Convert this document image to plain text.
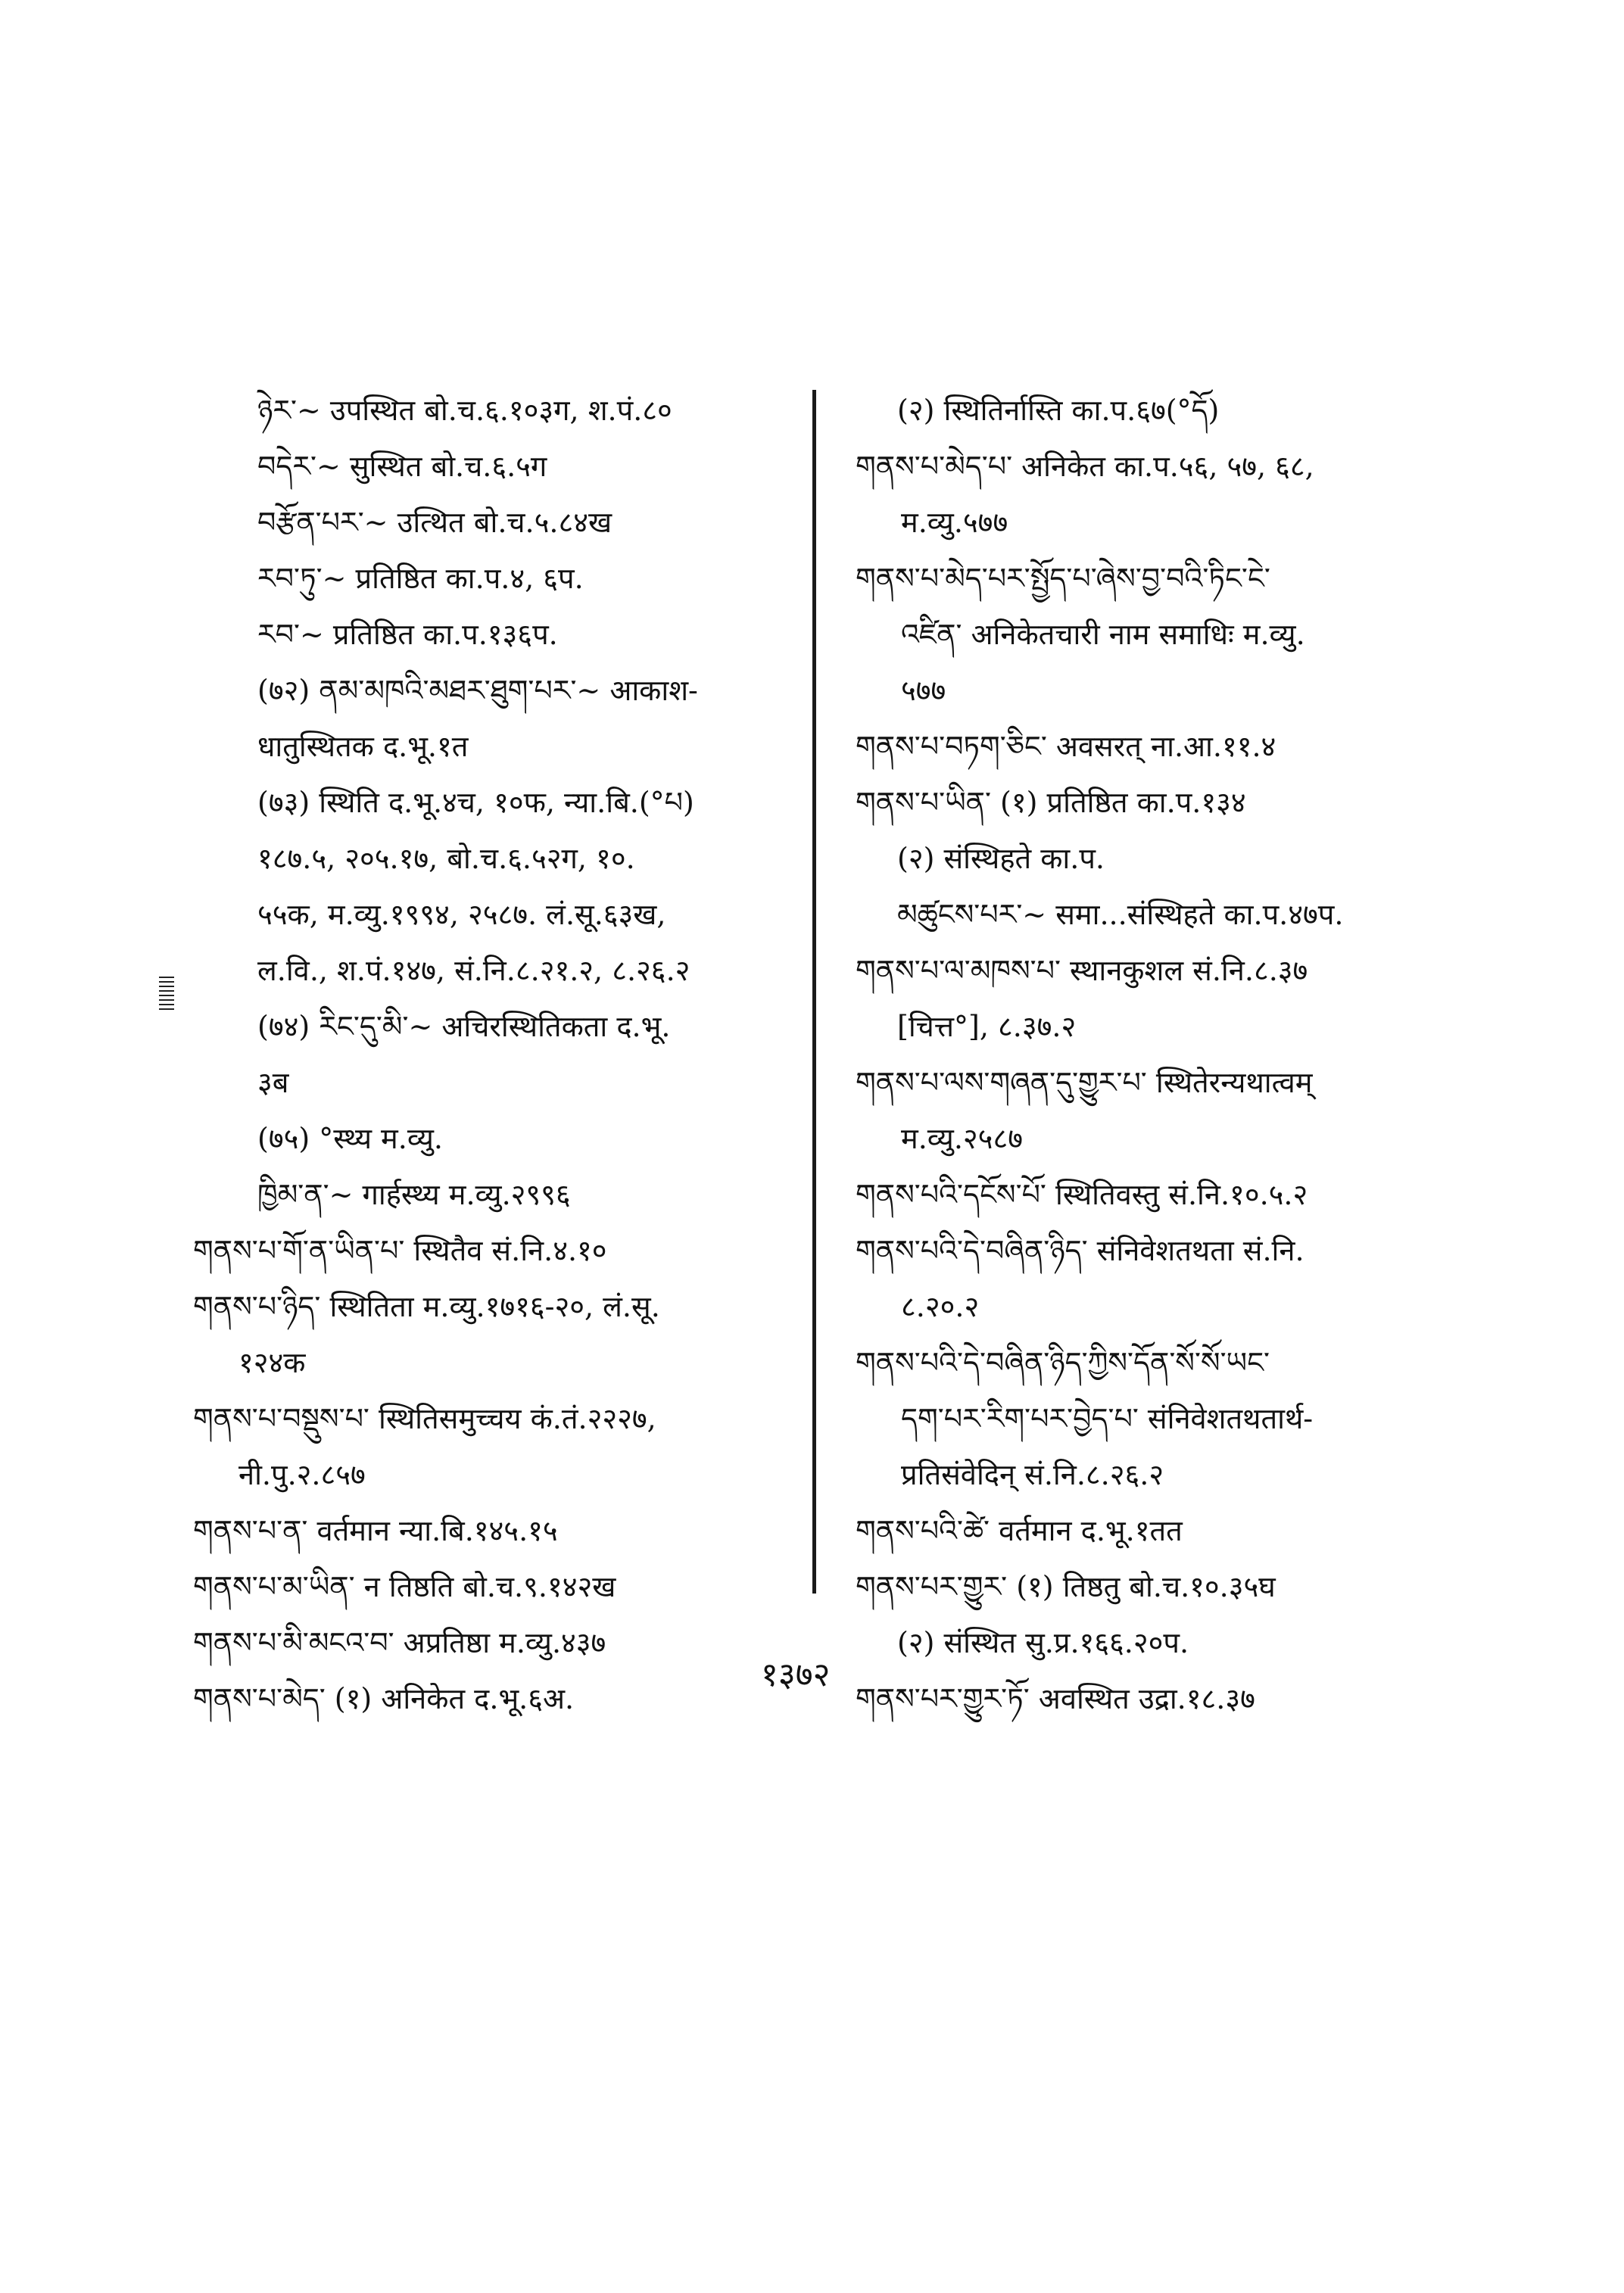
ཉེར་~ उपस्थित बो.च.६.१०३ग, श.पं.८०
བདེར་~ सुस्थित बो.च.६.५ग
བརྩོན་པར་~ उत्थित बो.च.५.८४ख
རབ་ཏུ་~ प्रतिष्ठित का.प.४, ६प.
རབ་~ प्रतिष्ठित का.प.१३६प.
(७२) ནམ་མཁའི་མཐར་ཐུག་པར་~ आकाश-
धातुस्थितक द.भू.१त
(७३) स्थिति द.भू.४च, १०फ, न्या.बि.(°པ)
१८७.५, २०५.१७, बो.च.६.५२ग, १०.
५५क, म.व्यु.१९९४, २५८७. लं.सू.६३ख,
ल.वि., श.पं.१४७, सं.नि.८.२१.२, ८.२६.२
(७४) རིང་དུ་མི་~ अचिरस्थितिकता द.भू.
३ब
(७५) °स्थ्य म.व्यु.
ཁྱིམ་ན་~ गार्हस्थ्य म.व्यु.२९९६
གནས་པ་གོ་ན་ཡིན་པ་ स्थितैव सं.नि.४.१०
གནས་པ་ཉིད་ स्थितिता म.व्यु.१७१६-२०, लं.सू.
१२४क
གནས་པ་བསྡུས་པ་ स्थितिसमुच्चय कं.तं.२२२७,
नी.पु.२.८५७
གནས་པ་ན་ वर्तमान न्या.बि.१४५.१५
གནས་པ་མ་ཡིན་ न तिष्ठति बो.च.९.१४२ख
གནས་པ་མི་མངའ་བ་ अप्रतिष्ठा म.व्यु.४३७
གནས་པ་མེད་ (१) अनिकेत द.भू.६अ.
(२) स्थितिर्नास्ति का.प.६७(°དོ)
གནས་པ་མེད་པ་ अनिकेत का.प.५६, ५७, ६८,
म.व्यु.५७७
གནས་པ་མེད་པར་སྤྱོད་པ་ཞེས་བྱ་བའི་ཏིང་ངེ་
འཛིན་ अनिकेतचारी नाम समाधिः म.व्यु.
५७७
གནས་པ་བཏག་ཅིང་ अवसरत् ना.आ.११.४
གནས་པ་ཡིན་ (१) प्रतिष्ठित का.प.१३४
(२) संस्थिहते का.प.
མཚུངས་པར་~ समा...संस्थिहते का.प.४७प.
གནས་པ་ལ་མཁས་པ་ स्थानकुशल सं.नि.८.३७
[चित्त°], ८.३७.२
གནས་པ་ལས་གཞན་དུ་གྱུར་པ་ स्थितेरन्यथात्वम्
म.व्यु.२५८७
གནས་པའི་དངོས་པོ་ स्थितिवस्तु सं.नि.१०.५.२
གནས་པའི་དེ་བཞིན་ཉིད་ संनिवेशतथता सं.नि.
८.२०.२
གནས་པའི་དེ་བཞིན་ཉིད་ཀྱིས་དོན་སོ་སོ་ཡང་
དག་པར་རིག་པར་བྱེད་པ་ संनिवेशतथतार्थ-
प्रतिसंवेदिन् सं.नि.८.२६.२
གནས་པའི་ཚེ་ वर्तमान द.भू.१तत
གནས་པར་གྱུར་ (१) तिष्ठतु बो.च.१०.३५घ
(२) संस्थित सु.प्र.१६६.२०प.
གནས་པར་གྱུར་ཏོ་ अवस्थित उद्रा.१८.३७
१३७२
